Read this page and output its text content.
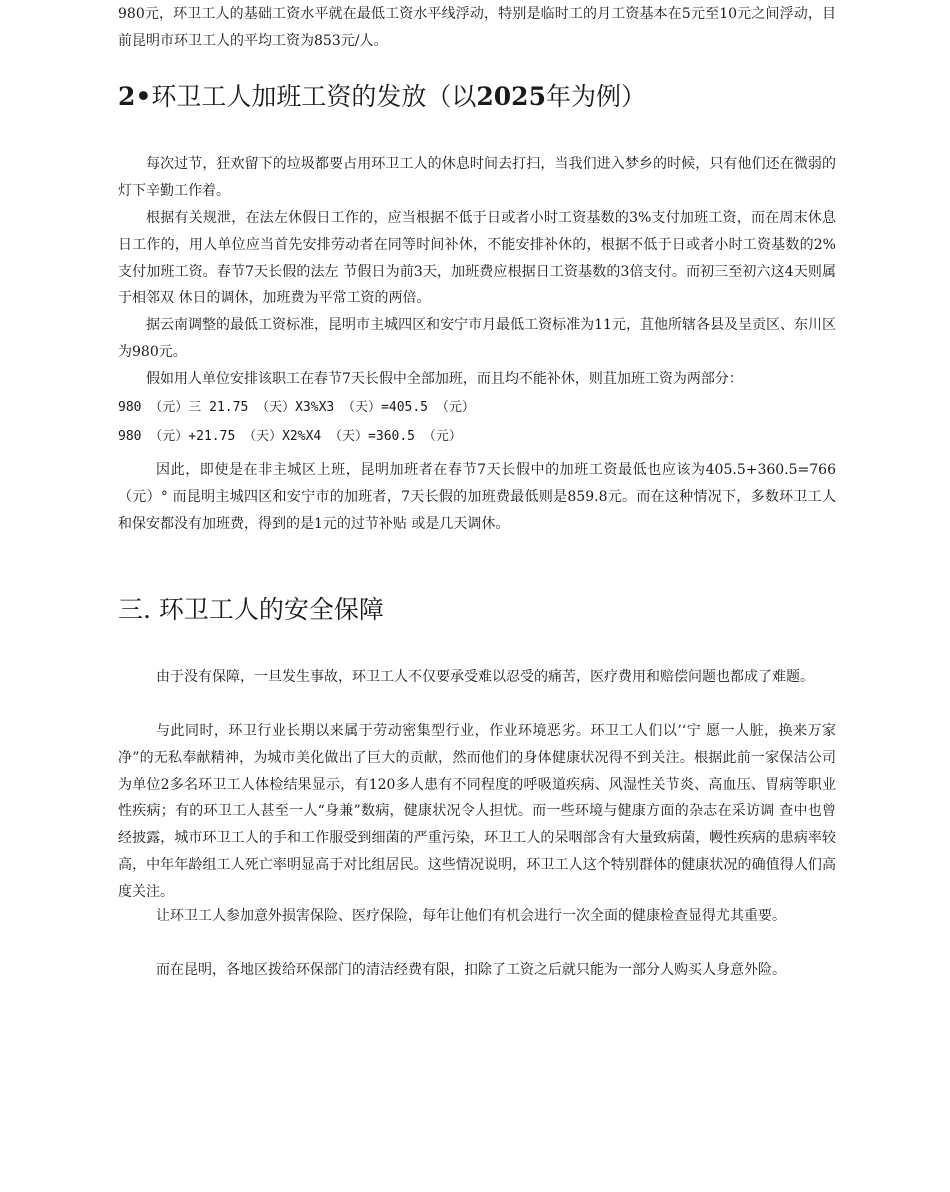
980元，环卫工人的基础工资水平就在最低工资水平线浮动，特别是临时工的月工资基本在5元至10元之间浮动，目前昆明市环卫工人的平均工资为853元/人。

2•环卫工人加班工资的发放（以2025年为例）

每次过节，狂欢留下的垃圾都要占用环卫工人的休息时间去打扫，当我们进入梦乡的时候，只有他们还在微弱的灯下辛勤工作着。

根据有关规泄，在法左休假日工作的，应当根据不低于日或者小时工资基数的3%支付加班工资，而在周末休息日工作的，用人单位应当首先安排劳动者在同等时间补休，不能安排补休的，根据不低于日或者小时工资基数的2%支付加班工资。春节7天长假的法左 节假日为前3天，加班费应根据日工资基数的3倍支付。而初三至初六这4天则属于相邻双 休日的调休，加班费为平常工资的两倍。

据云南调整的最低工资标准，昆明市主城四区和安宁市月最低工资标准为11元，苴他所辖各县及呈贡区、东川区为980元。

假如用人单位安排该职工在春节7天长假中全部加班，而且均不能补休，则苴加班工资为两部分：

980 （元）三 21.75 （天）X3%X3 （天）=405.5 （元）

980 （元）+21.75 （天）X2%X4 （天）=360.5 （元）

因此，即使是在非主城区上班，昆明加班者在春节7天长假中的加班工资最低也应该为405.5+360.5=766 （元）° 而昆明主城四区和安宁市的加班者，7天长假的加班费最低则是859.8元。而在这种情况下，多数环卫工人和保安都没有加班费，得到的是1元的过节补贴 或是几天调休。

三. 环卫工人的安全保障

由于没有保障，一旦发生事故，环卫工人不仅要承受难以忍受的痛苦，医疗费用和赔偿问题也都成了难题。

与此同时，环卫行业长期以来属于劳动密集型行业，作业环境恶劣。环卫工人们以’‘宁 愿一人脏，换来万家净”的无私奉献精神，为城市美化做出了巨大的贡献，然而他们的身体健康状况得不到关注。根据此前一家保洁公司为单位2多名环卫工人体检结果显示，有120多人患有不同程度的呼吸道疾病、风湿性关节炎、高血压、胃病等职业性疾病；有的环卫工人甚至一人“身兼”数病，健康状况令人担忧。而一些环境与健康方面的杂志在采访调 查中也曾经披露，城市环卫工人的手和工作服受到细菌的严重污染，环卫工人的呆咽部含有大量致病菌，幔性疾病的患病率较高，中年年龄组工人死亡率明显高于对比组居民。这些情况说明，环卫工人这个特别群体的健康状况的确值得人们高度关注。

让环卫工人参加意外损害保险、医疗保险，每年让他们有机会进行一次全面的健康检查显得尤其重要。

而在昆明，各地区拨给环保部门的清洁经费有限，扣除了工资之后就只能为一部分人购买人身意外险。
